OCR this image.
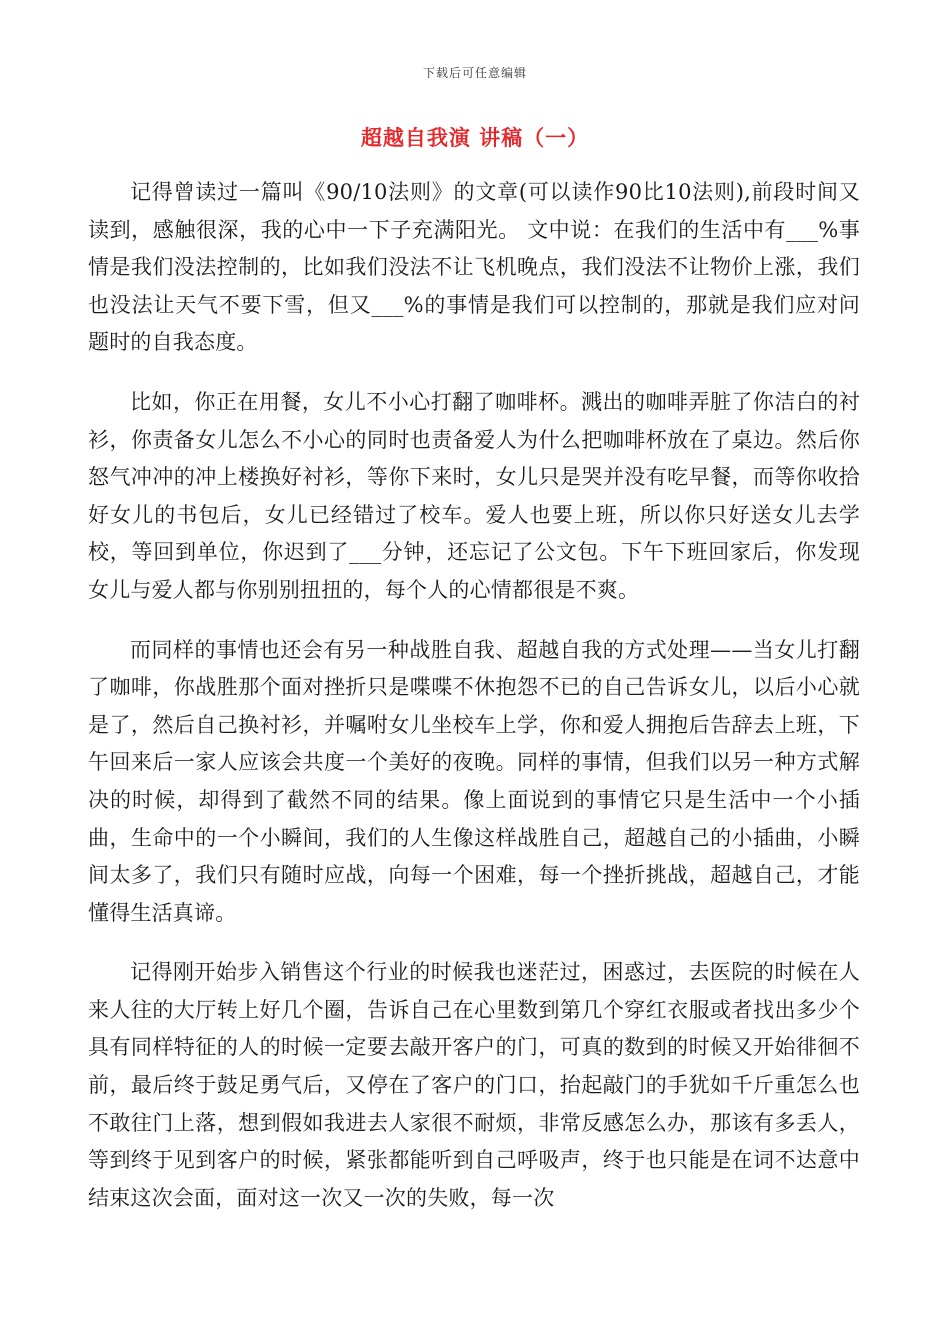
下载后可任意编辑
超越自我演 讲稿（一）

记得曾读过一篇叫《90/10法则》的文章(可以读作90比10法则),前段时间又读到，感触很深，我的心中一下子充满阳光。 文中说：在我们的生活中有___%事情是我们没法控制的，比如我们没法不让飞机晚点，我们没法不让物价上涨，我们也没法让天气不要下雪，但又___%的事情是我们可以控制的，那就是我们应对问题时的自我态度。

比如，你正在用餐，女儿不小心打翻了咖啡杯。溅出的咖啡弄脏了你洁白的衬衫，你责备女儿怎么不小心的同时也责备爱人为什么把咖啡杯放在了桌边。然后你怒气冲冲的冲上楼换好衬衫，等你下来时，女儿只是哭并没有吃早餐，而等你收拾好女儿的书包后，女儿已经错过了校车。爱人也要上班，所以你只好送女儿去学校，等回到单位，你迟到了___分钟，还忘记了公文包。下午下班回家后，你发现女儿与爱人都与你别别扭扭的，每个人的心情都很是不爽。

而同样的事情也还会有另一种战胜自我、超越自我的方式处理——当女儿打翻了咖啡，你战胜那个面对挫折只是喋喋不休抱怨不已的自己告诉女儿，以后小心就是了，然后自己换衬衫，并嘱咐女儿坐校车上学，你和爱人拥抱后告辞去上班，下午回来后一家人应该会共度一个美好的夜晚。同样的事情，但我们以另一种方式解决的时候，却得到了截然不同的结果。像上面说到的事情它只是生活中一个小插曲，生命中的一个小瞬间，我们的人生像这样战胜自己，超越自己的小插曲，小瞬间太多了，我们只有随时应战，向每一个困难，每一个挫折挑战，超越自己，才能懂得生活真谛。

记得刚开始步入销售这个行业的时候我也迷茫过，困惑过，去医院的时候在人来人往的大厅转上好几个圈，告诉自己在心里数到第几个穿红衣服或者找出多少个具有同样特征的人的时候一定要去敲开客户的门，可真的数到的时候又开始徘徊不前，最后终于鼓足勇气后，又停在了客户的门口，抬起敲门的手犹如千斤重怎么也不敢往门上落，想到假如我进去人家很不耐烦，非常反感怎么办，那该有多丢人，等到终于见到客户的时候，紧张都能听到自己呼吸声，终于也只能是在词不达意中结束这次会面，面对这一次又一次的失败，每一次
